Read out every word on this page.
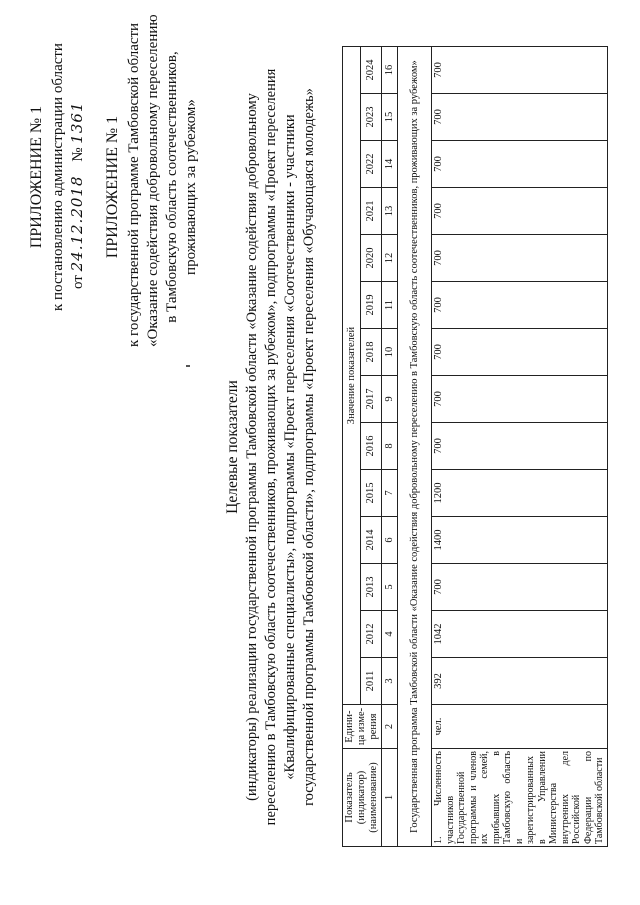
ПРИЛОЖЕНИЕ № 1 к постановлению администрации области от 24.12.2018 № 1361 ПРИЛОЖЕНИЕ № 1 к государственной программе Тамбовской области «Оказание содействия добровольному переселению в Тамбовскую область соотечественников, проживающих за рубежом»
Целевые показатели (индикаторы) реализации государственной программы Тамбовской области «Оказание содействия добровольному переселению в Тамбовскую область соотечественников, проживающих за рубежом», подпрограммы «Проект переселения «Квалифицированные специалисты», подпрограммы «Проект переселения «Соотечественники - участники государственной программы Тамбовской области», подпрограммы «Проект переселения «Обучающаяся молодежь»	Показатель (индикатор) (наименование)	Едини-ца изме-рения	Значение показателей													
		2011	2012	2013	2014	2015	2016	2017	2018	2019	2020	2021	2022	2023	2024
1	2	3	4	5	6	7	8	9	10	11	12	13	14	15	16
Государственная программа Тамбовской области «Оказание содействия добровольному переселению в Тамбовскую область соотечественников, проживающих за рубежом»															
1. Численность участников Государственной программы и членов их семей, прибывших в Тамбовскую область и зарегистрированных в Управлении Министерства внутренних дел Российской Федерации по Тамбовской области	чел.	392	1042	700	1400	1200	700	700	700	700	700	700	700	700	700
